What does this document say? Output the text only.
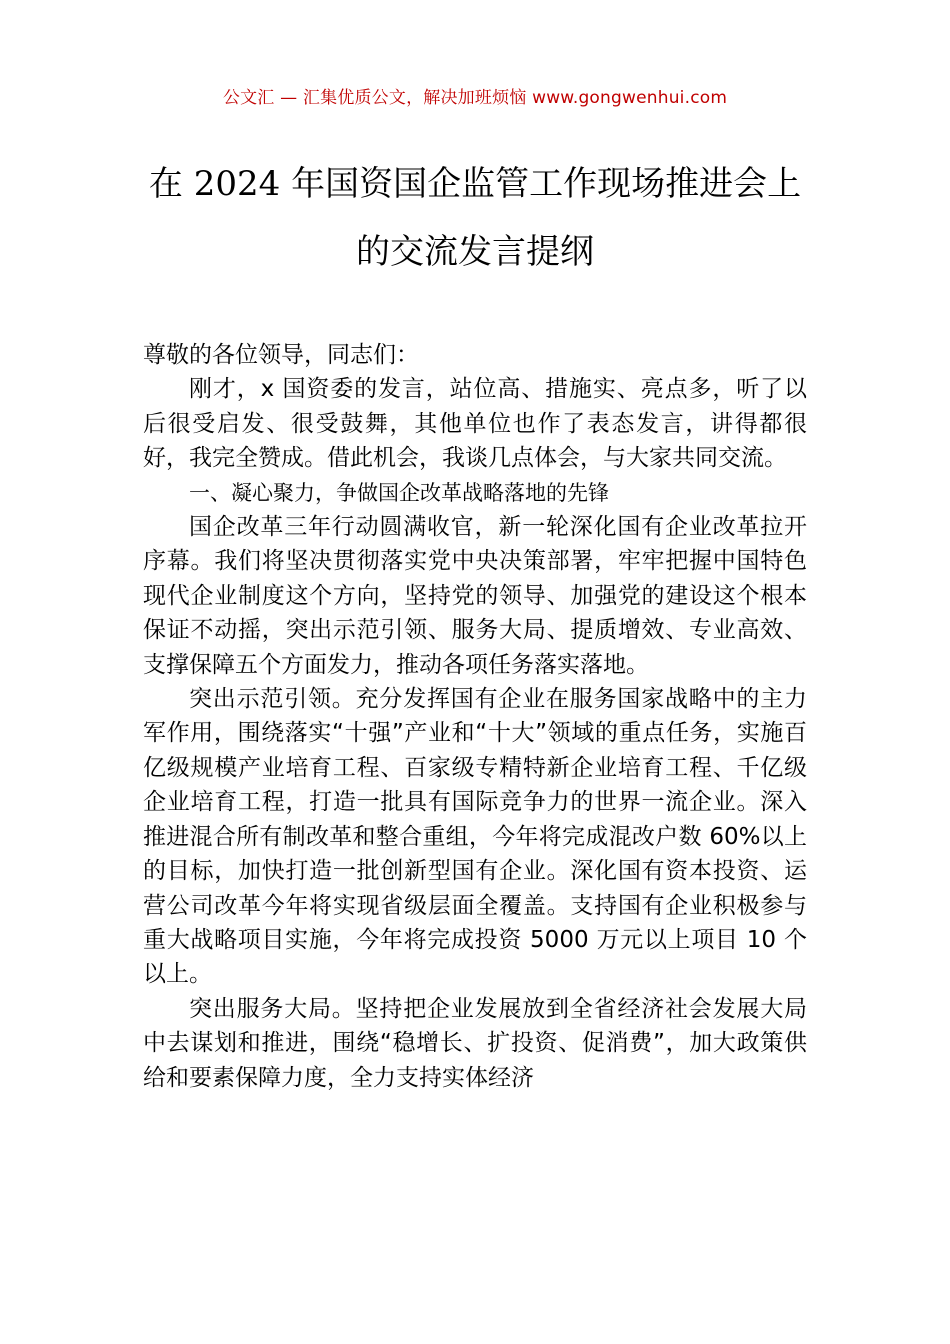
公文汇 — 汇集优质公文，解决加班烦恼 www.gongwenhui.com
在 2024 年国资国企监管工作现场推进会上
的交流发言提纲

尊敬的各位领导，同志们：

刚才，x 国资委的发言，站位高、措施实、亮点多，听了以后很受启发、很受鼓舞，其他单位也作了表态发言，讲得都很好，我完全赞成。借此机会，我谈几点体会，与大家共同交流。

一、凝心聚力，争做国企改革战略落地的先锋

国企改革三年行动圆满收官，新一轮深化国有企业改革拉开序幕。我们将坚决贯彻落实党中央决策部署，牢牢把握中国特色现代企业制度这个方向，坚持党的领导、加强党的建设这个根本保证不动摇，突出示范引领、服务大局、提质增效、专业高效、支撑保障五个方面发力，推动各项任务落实落地。

突出示范引领。充分发挥国有企业在服务国家战略中的主力军作用，围绕落实“十强”产业和“十大”领域的重点任务，实施百亿级规模产业培育工程、百家级专精特新企业培育工程、千亿级企业培育工程，打造一批具有国际竞争力的世界一流企业。深入推进混合所有制改革和整合重组，今年将完成混改户数 60%以上的目标，加快打造一批创新型国有企业。深化国有资本投资、运营公司改革今年将实现省级层面全覆盖。支持国有企业积极参与重大战略项目实施，今年将完成投资 5000 万元以上项目 10 个以上。

突出服务大局。坚持把企业发展放到全省经济社会发展大局中去谋划和推进，围绕“稳增长、扩投资、促消费”，加大政策供给和要素保障力度，全力支持实体经济
